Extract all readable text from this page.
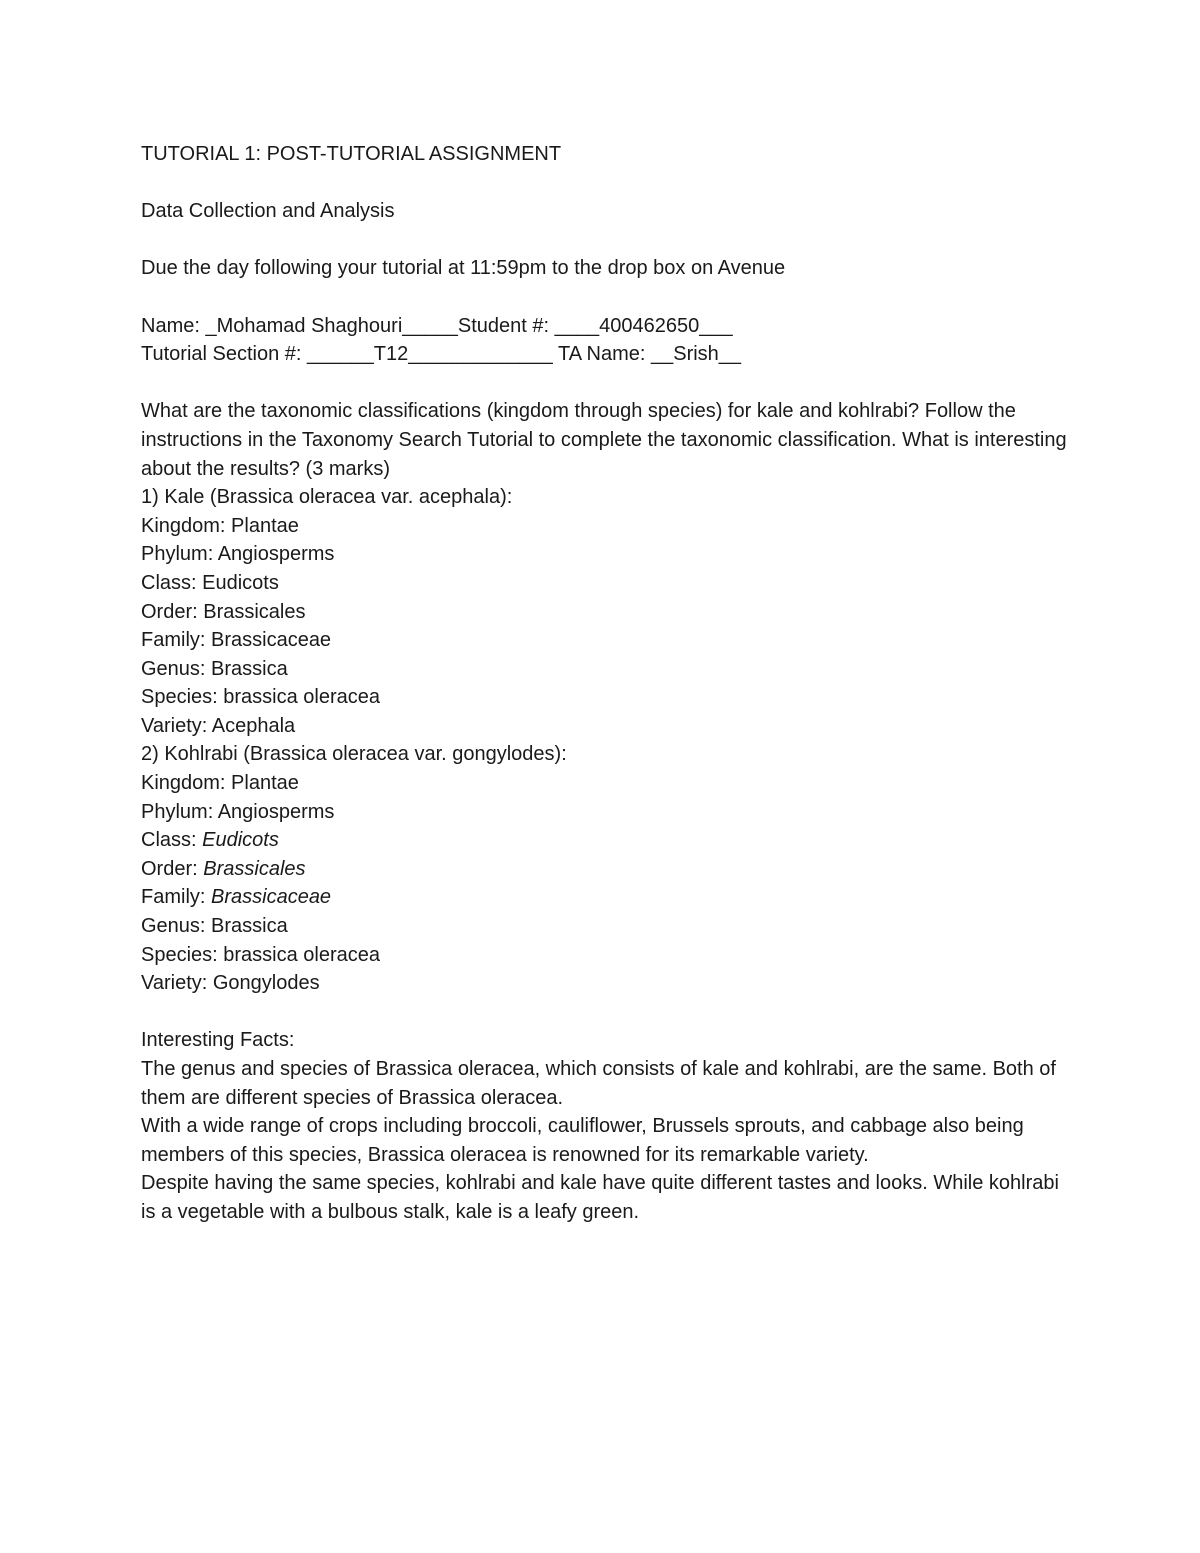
TUTORIAL 1: POST-TUTORIAL ASSIGNMENT
Data Collection and Analysis
Due the day following your tutorial at 11:59pm to the drop box on Avenue
Name: _Mohamad Shaghouri_____Student #: ____400462650___
Tutorial Section #: ______T12_____________ TA Name: __Srish__
What are the taxonomic classifications (kingdom through species) for kale and kohlrabi? Follow the instructions in the Taxonomy Search Tutorial to complete the taxonomic classification. What is interesting about the results? (3 marks)
1) Kale (Brassica oleracea var. acephala):
Kingdom: Plantae
Phylum: Angiosperms
Class: Eudicots
Order: Brassicales
Family: Brassicaceae
Genus: Brassica
Species: brassica oleracea
Variety: Acephala
2) Kohlrabi (Brassica oleracea var. gongylodes):
Kingdom: Plantae
Phylum: Angiosperms
Class: Eudicots
Order: Brassicales
Family: Brassicaceae
Genus: Brassica
Species: brassica oleracea
Variety: Gongylodes
Interesting Facts:
The genus and species of Brassica oleracea, which consists of kale and kohlrabi, are the same. Both of them are different species of Brassica oleracea.
With a wide range of crops including broccoli, cauliflower, Brussels sprouts, and cabbage also being members of this species, Brassica oleracea is renowned for its remarkable variety.
Despite having the same species, kohlrabi and kale have quite different tastes and looks. While kohlrabi is a vegetable with a bulbous stalk, kale is a leafy green.
